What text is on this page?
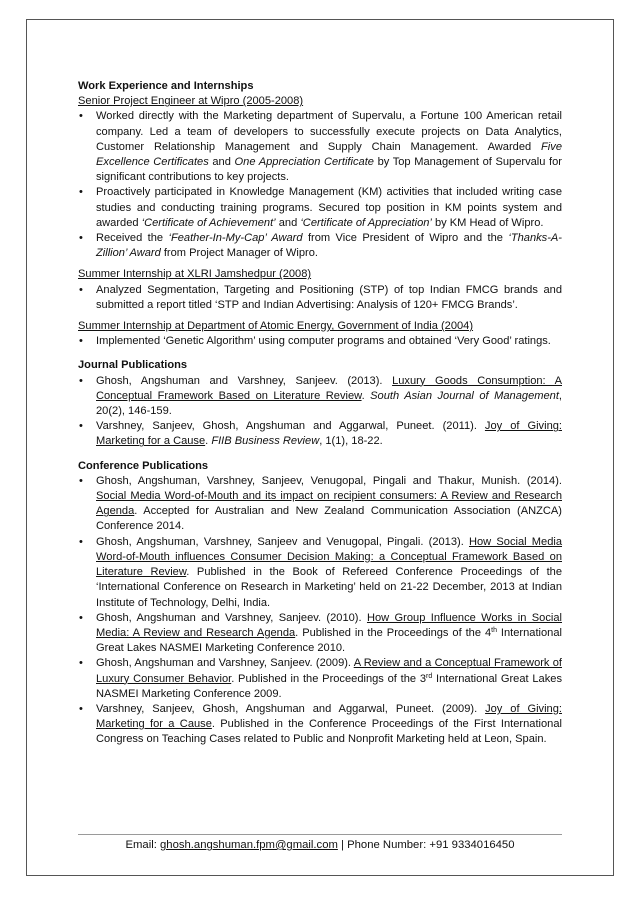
Work Experience and Internships

Senior Project Engineer at Wipro (2005-2008)

• Worked directly with the Marketing department of Supervalu, a Fortune 100 American retail company. Led a team of developers to successfully execute projects on Data Analytics, Customer Relationship Management and Supply Chain Management. Awarded Five Excellence Certificates and One Appreciation Certificate by Top Management of Supervalu for significant contributions to key projects.
• Proactively participated in Knowledge Management (KM) activities that included writing case studies and conducting training programs. Secured top position in KM points system and awarded ‘Certificate of Achievement’ and ‘Certificate of Appreciation’ by KM Head of Wipro.
• Received the ‘Feather-In-My-Cap’ Award from Vice President of Wipro and the ‘Thanks-A-Zillion’ Award from Project Manager of Wipro.

Summer Internship at XLRI Jamshedpur (2008)

• Analyzed Segmentation, Targeting and Positioning (STP) of top Indian FMCG brands and submitted a report titled ‘STP and Indian Advertising: Analysis of 120+ FMCG Brands’.

Summer Internship at Department of Atomic Energy, Government of India (2004)

• Implemented ‘Genetic Algorithm’ using computer programs and obtained ‘Very Good’ ratings.

Journal Publications

• Ghosh, Angshuman and Varshney, Sanjeev. (2013). Luxury Goods Consumption: A Conceptual Framework Based on Literature Review. South Asian Journal of Management, 20(2), 146-159.
• Varshney, Sanjeev, Ghosh, Angshuman and Aggarwal, Puneet. (2011). Joy of Giving: Marketing for a Cause. FIIB Business Review, 1(1), 18-22.

Conference Publications

• Ghosh, Angshuman, Varshney, Sanjeev, Venugopal, Pingali and Thakur, Munish. (2014). Social Media Word-of-Mouth and its impact on recipient consumers: A Review and Research Agenda. Accepted for Australian and New Zealand Communication Association (ANZCA) Conference 2014.
• Ghosh, Angshuman, Varshney, Sanjeev and Venugopal, Pingali. (2013). How Social Media Word-of-Mouth influences Consumer Decision Making: a Conceptual Framework Based on Literature Review. Published in the Book of Refereed Conference Proceedings of the ‘International Conference on Research in Marketing’ held on 21-22 December, 2013 at Indian Institute of Technology, Delhi, India.
• Ghosh, Angshuman and Varshney, Sanjeev. (2010). How Group Influence Works in Social Media: A Review and Research Agenda. Published in the Proceedings of the 4th International Great Lakes NASMEI Marketing Conference 2010.
• Ghosh, Angshuman and Varshney, Sanjeev. (2009). A Review and a Conceptual Framework of Luxury Consumer Behavior. Published in the Proceedings of the 3rd International Great Lakes NASMEI Marketing Conference 2009.
• Varshney, Sanjeev, Ghosh, Angshuman and Aggarwal, Puneet. (2009). Joy of Giving: Marketing for a Cause. Published in the Conference Proceedings of the First International Congress on Teaching Cases related to Public and Nonprofit Marketing held at Leon, Spain.
Email: ghosh.angshuman.fpm@gmail.com | Phone Number: +91 9334016450
